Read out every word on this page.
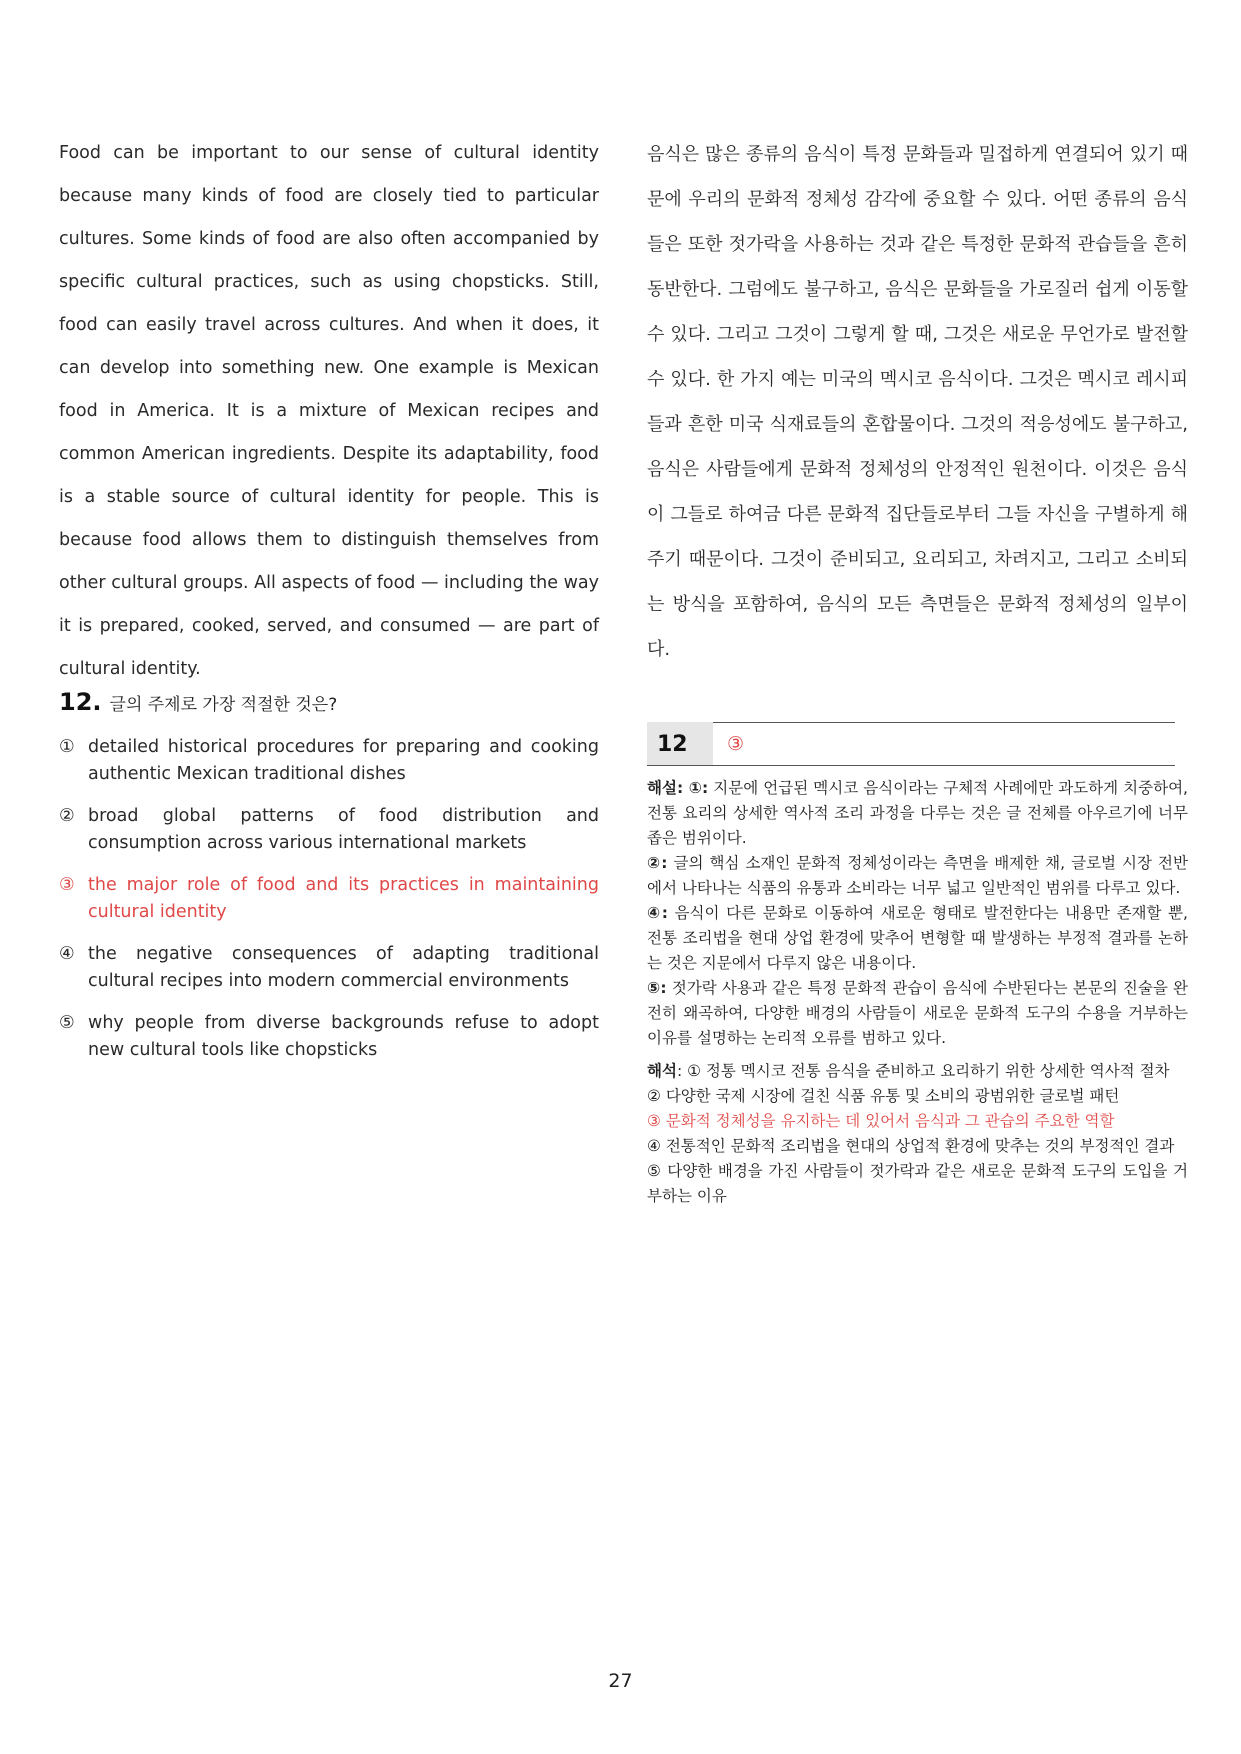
Food can be important to our sense of cultural identity because many kinds of food are closely tied to particular cultures. Some kinds of food are also often accompanied by specific cultural practices, such as using chopsticks. Still, food can easily travel across cultures. And when it does, it can develop into something new. One example is Mexican food in America. It is a mixture of Mexican recipes and common American ingredients. Despite its adaptability, food is a stable source of cultural identity for people. This is because food allows them to distinguish themselves from other cultural groups. All aspects of food — including the way it is prepared, cooked, served, and consumed — are part of cultural identity.

음식은 많은 종류의 음식이 특정 문화들과 밀접하게 연결되어 있기 때문에 우리의 문화적 정체성 감각에 중요할 수 있다. 어떤 종류의 음식들은 또한 젓가락을 사용하는 것과 같은 특정한 문화적 관습들을 흔히 동반한다. 그럼에도 불구하고, 음식은 문화들을 가로질러 쉽게 이동할 수 있다. 그리고 그것이 그렇게 할 때, 그것은 새로운 무언가로 발전할 수 있다. 한 가지 예는 미국의 멕시코 음식이다. 그것은 멕시코 레시피들과 흔한 미국 식재료들의 혼합물이다. 그것의 적응성에도 불구하고, 음식은 사람들에게 문화적 정체성의 안정적인 원천이다. 이것은 음식이 그들로 하여금 다른 문화적 집단들로부터 그들 자신을 구별하게 해주기 때문이다. 그것이 준비되고, 요리되고, 차려지고, 그리고 소비되는 방식을 포함하여, 음식의 모든 측면들은 문화적 정체성의 일부이다.

12. 글의 주제로 가장 적절한 것은?
① detailed historical procedures for preparing and cooking authentic Mexican traditional dishes
② broad global patterns of food distribution and consumption across various international markets
③ the major role of food and its practices in maintaining cultural identity
④ the negative consequences of adapting traditional cultural recipes into modern commercial environments
⑤ why people from diverse backgrounds refuse to adopt new cultural tools like chopsticks
12	③

해설: ①: 지문에 언급된 멕시코 음식이라는 구체적 사례에만 과도하게 치중하여, 전통 요리의 상세한 역사적 조리 과정을 다루는 것은 글 전체를 아우르기에 너무 좁은 범위이다.

②: 글의 핵심 소재인 문화적 정체성이라는 측면을 배제한 채, 글로벌 시장 전반에서 나타나는 식품의 유통과 소비라는 너무 넓고 일반적인 범위를 다루고 있다.

④: 음식이 다른 문화로 이동하여 새로운 형태로 발전한다는 내용만 존재할 뿐, 전통 조리법을 현대 상업 환경에 맞추어 변형할 때 발생하는 부정적 결과를 논하는 것은 지문에서 다루지 않은 내용이다.

⑤: 젓가락 사용과 같은 특정 문화적 관습이 음식에 수반된다는 본문의 진술을 완전히 왜곡하여, 다양한 배경의 사람들이 새로운 문화적 도구의 수용을 거부하는 이유를 설명하는 논리적 오류를 범하고 있다.

해석: ① 정통 멕시코 전통 음식을 준비하고 요리하기 위한 상세한 역사적 절차

② 다양한 국제 시장에 걸친 식품 유통 및 소비의 광범위한 글로벌 패턴

③ 문화적 정체성을 유지하는 데 있어서 음식과 그 관습의 주요한 역할

④ 전통적인 문화적 조리법을 현대의 상업적 환경에 맞추는 것의 부정적인 결과

⑤ 다양한 배경을 가진 사람들이 젓가락과 같은 새로운 문화적 도구의 도입을 거부하는 이유

27
